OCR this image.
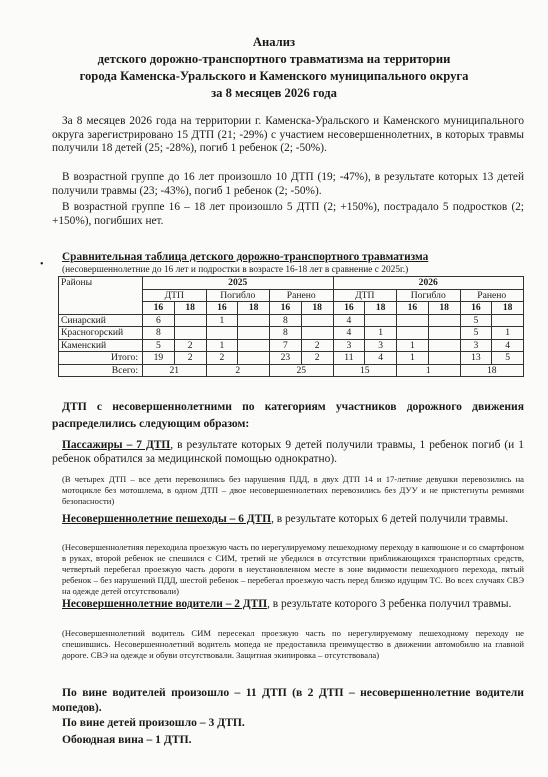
Анализ
детского дорожно-транспортного травматизма на территории
города Каменска-Уральского и Каменского муниципального округа
за 8 месяцев 2026 года
За 8 месяцев 2026 года на территории г. Каменска-Уральского и Каменского муниципального округа зарегистрировано 15 ДТП (21; -29%) с участием несовершеннолетних, в которых травмы получили 18 детей (25; -28%), погиб 1 ребенок (2; -50%).
В возрастной группе до 16 лет произошло 10 ДТП (19; -47%), в результате которых 13 детей получили травмы (23; -43%), погиб 1 ребенок (2; -50%).
В возрастной группе 16 – 18 лет произошло 5 ДТП (2; +150%), пострадало 5 подростков (2; +150%), погибших нет.
•
Сравнительная таблица детского дорожно-транспортного травматизма
(несовершеннолетние до 16 лет и подростки в возрасте 16-18 лет в сравнение с 2025г.)
Районы	2025						2026					
	ДТП		Погибло		Ранено		ДТП		Погибло		Ранено	
	16	18	16	18	16	18	16	18	16	18	16	18
Синарский	6		1		8		4				5	
Красногорский	8				8		4	1			5	1
Каменский	5	2	1		7	2	3	3	1		3	4
Итого:	19	2	2		23	2	11	4	1		13	5
Всего:	21		2		25		15		1		18	
ДТП с несовершеннолетними по категориям участников дорожного движения распределились следующим образом:
Пассажиры – 7 ДТП, в результате которых 9 детей получили травмы, 1 ребенок погиб (и 1 ребенок обратился за медицинской помощью однократно).
(В четырех ДТП – все дети перевозились без нарушения ПДД, в двух ДТП 14 и 17-летние девушки перевозились на мотоцикле без мотошлема, в одном ДТП – двое несовершеннолетних перевозились без ДУУ и не пристегнуты ремнями безопасности)
Несовершеннолетние пешеходы – 6 ДТП, в результате которых 6 детей получили травмы.
(Несовершеннолетняя переходила проезжую часть по нерегулируемому пешеходному переходу в капюшоне и со смартфоном в руках, второй ребенок не спешился с СИМ, третий не убедился в отсутствии приближающихся транспортных средств, четвертый перебегал проезжую часть дороги в неустановленном месте в зоне видимости пешеходного перехода, пятый ребенок – без нарушений ПДД, шестой ребенок – перебегал проезжую часть перед близко идущим ТС. Во всех случаях СВЭ на одежде детей отсутствовали)
Несовершеннолетние водители – 2 ДТП, в результате которого 3 ребенка получил травмы.
(Несовершеннолетний водитель СИМ пересекал проезжую часть по нерегулируемому пешеходному переходу не спешившись. Несовершеннолетний водитель мопеда не предоставила преимущество в движении автомобилю на главной дороге. СВЭ на одежде и обуви отсутствовали. Защитная экипировка – отсутствовала)
По вине водителей произошло – 11 ДТП (в 2 ДТП – несовершеннолетние водители мопедов).
По вине детей произошло – 3 ДТП.
Обоюдная вина – 1 ДТП.
